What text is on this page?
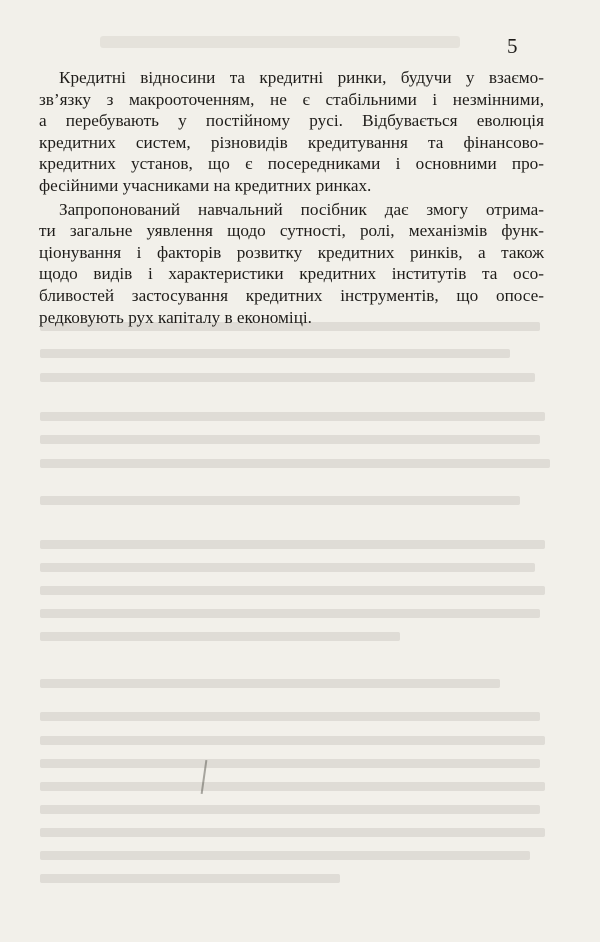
5

Кредитні відносини та кредитні ринки, будучи у взаємо-
зв’язку з макрооточенням, не є стабільними і незмінними,
а перебувають у постійному русі. Відбувається еволюція
кредитних систем, різновидів кредитування та фінансово-
кредитних установ, що є посередниками і основними про-
фесійними учасниками на кредитних ринках.

Запропонований навчальний посібник дає змогу отрима-
ти загальне уявлення щодо сутності, ролі, механізмів функ-
ціонування і факторів розвитку кредитних ринків, а також
щодо видів і характеристики кредитних інститутів та осо-
бливостей застосування кредитних інструментів, що опосе-
редковують рух капіталу в економіці.
